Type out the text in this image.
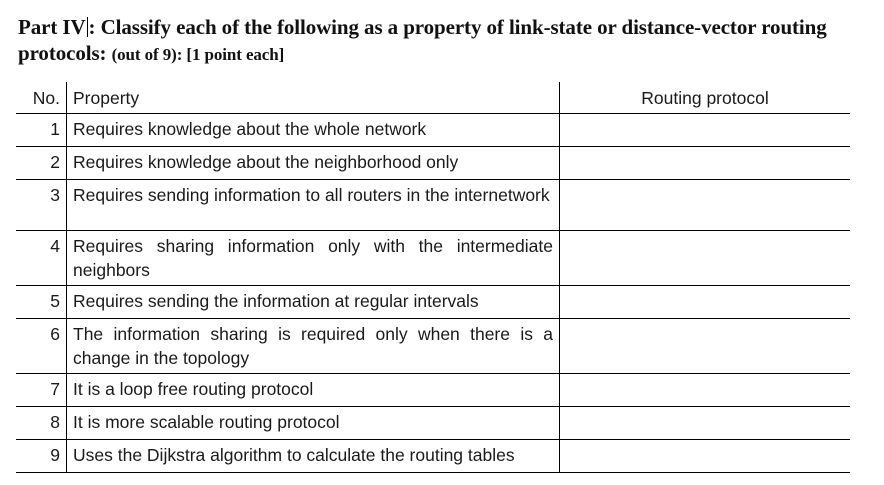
Part IV : Classify each of the following as a property of link-state or distance-vector routing protocols: (out of 9): [1 point each]
No.	Property	Routing protocol
1	Requires knowledge about the whole network	
2	Requires knowledge about the neighborhood only	
3	Requires sending information to all routers in the internetwork	
4	Requires sharing information only with the intermediate neighbors	
5	Requires sending the information at regular intervals	
6	The information sharing is required only when there is a change in the topology	
7	It is a loop free routing protocol	
8	It is more scalable routing protocol	
9	Uses the Dijkstra algorithm to calculate the routing tables	
